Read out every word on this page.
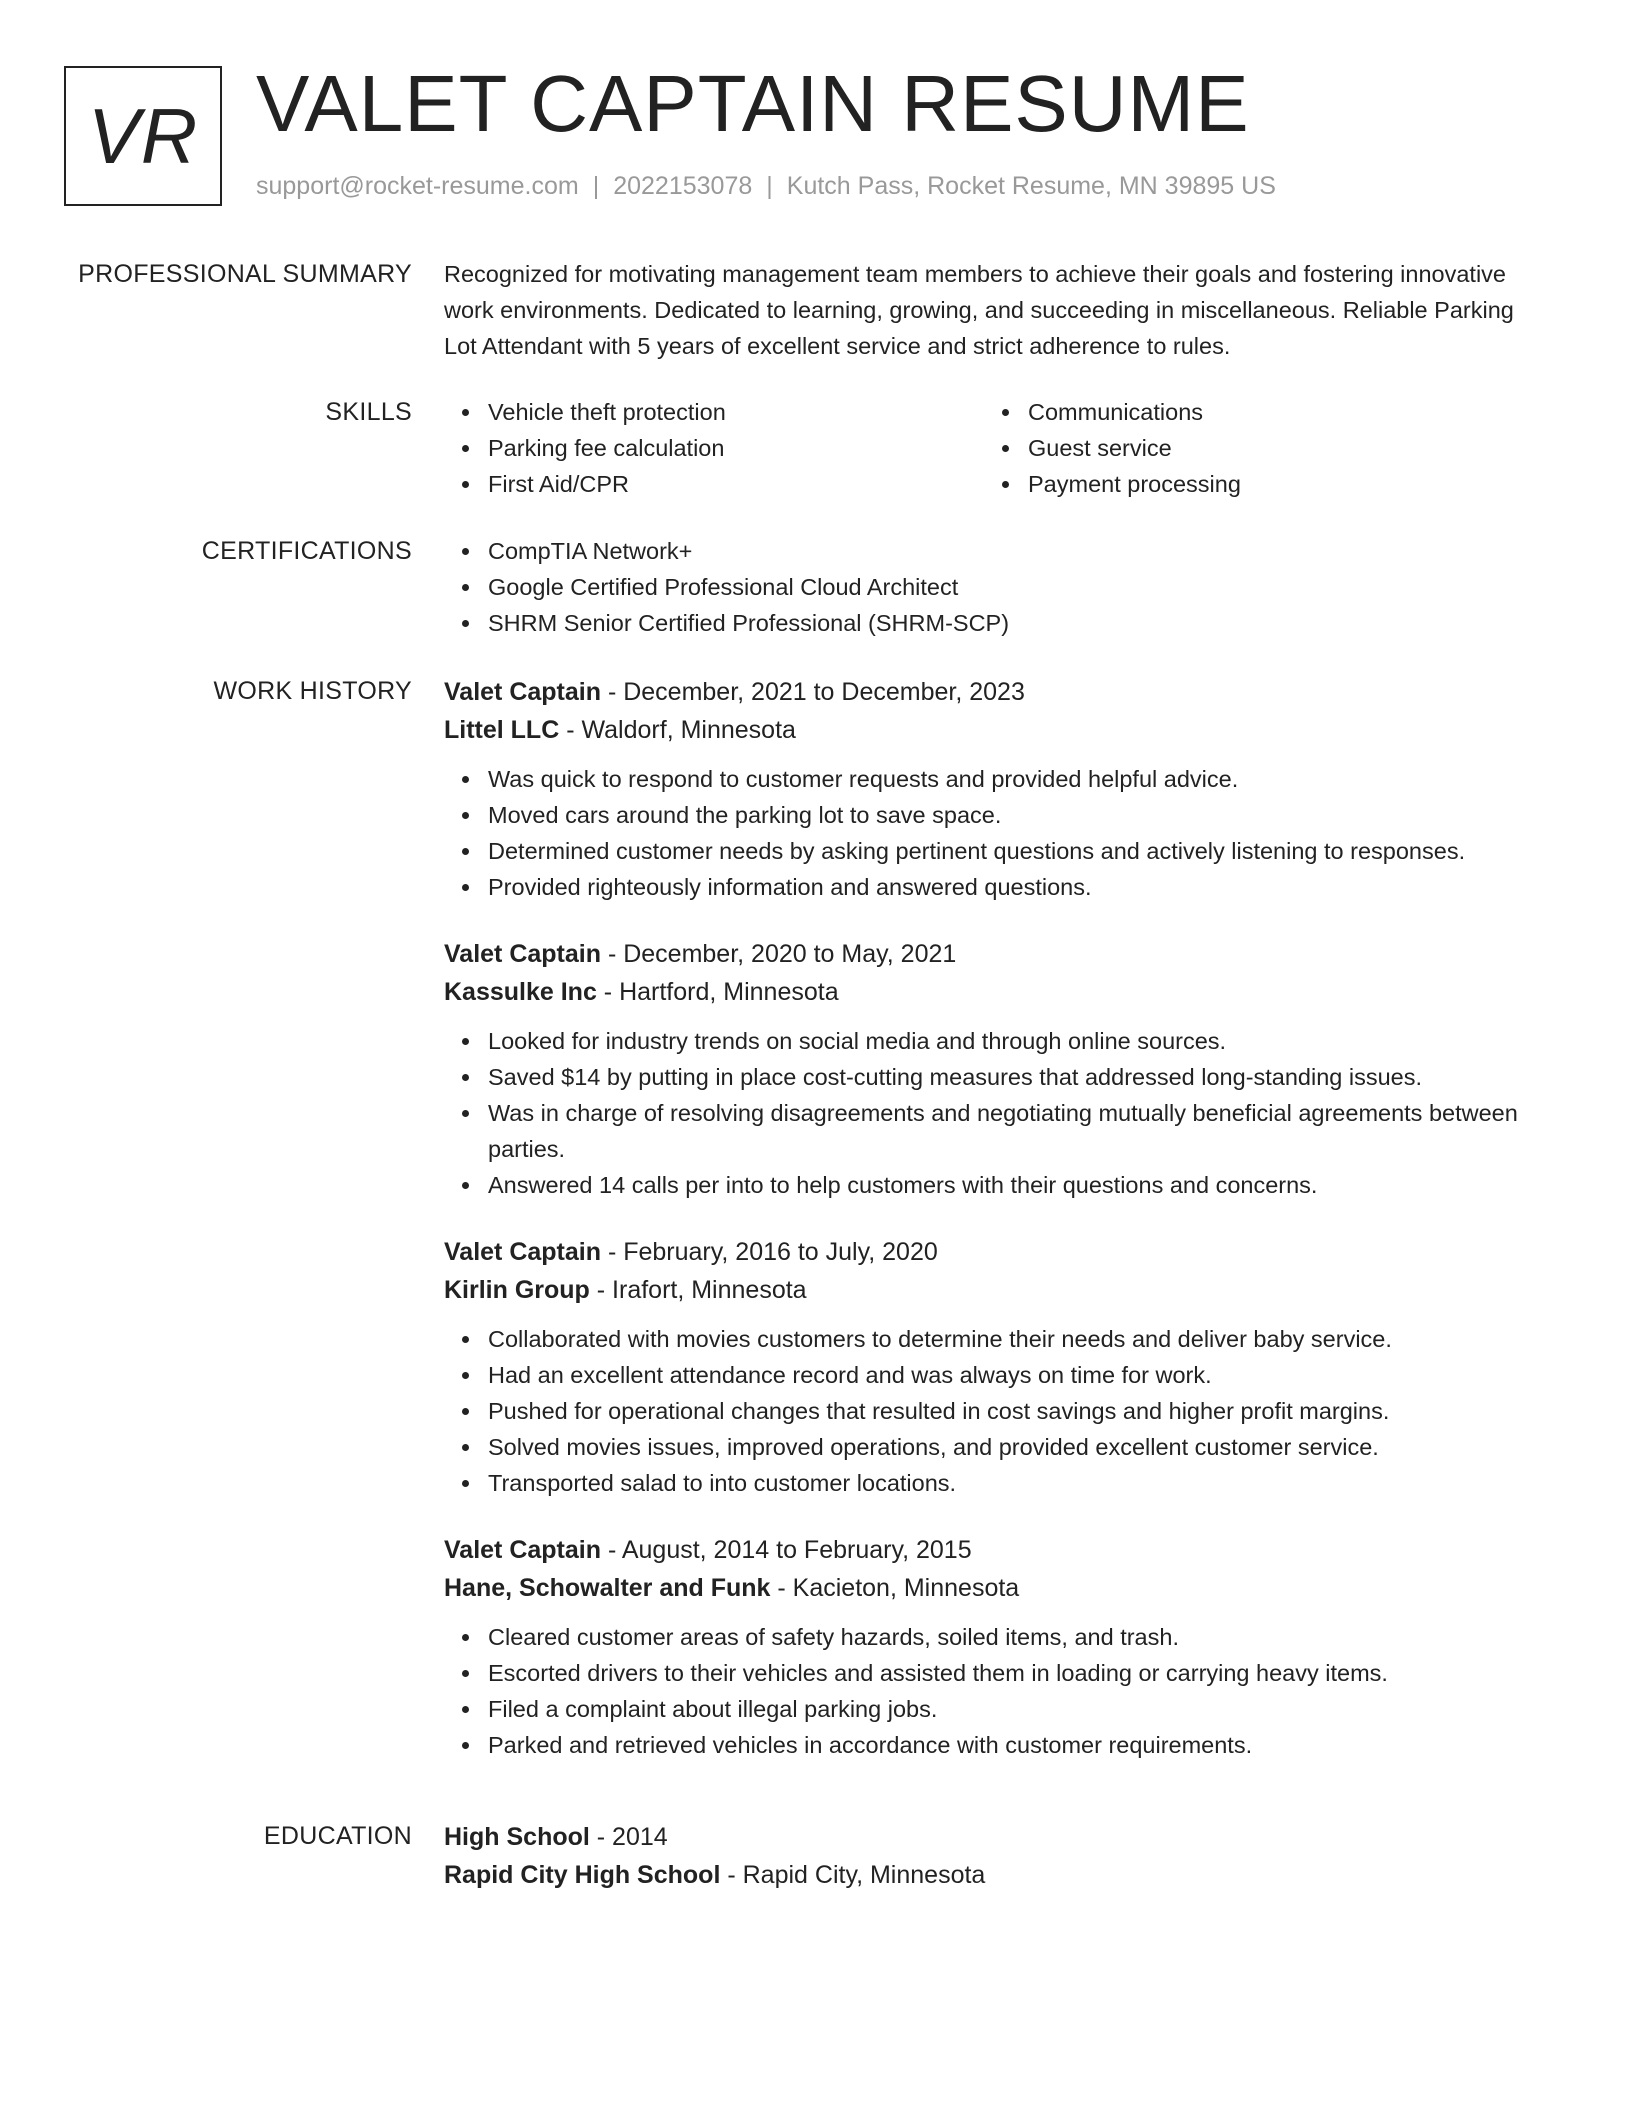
VR VALET CAPTAIN RESUME
support@rocket-resume.com | 2022153078 | Kutch Pass, Rocket Resume, MN 39895 US
PROFESSIONAL SUMMARY Recognized for motivating management team members to achieve their goals and fostering innovative work environments. Dedicated to learning, growing, and succeeding in miscellaneous. Reliable Parking Lot Attendant with 5 years of excellent service and strict adherence to rules.
SKILLS	Vehicle theft protection
Parking fee calculation
First Aid/CPR
Communications
Guest service
Payment processing
CERTIFICATIONS	CompTIA Network+
Google Certified Professional Cloud Architect
SHRM Senior Certified Professional (SHRM-SCP)
WORK HISTORY Valet Captain - December, 2021 to December, 2023
Littel LLC - Waldorf, Minnesota
Was quick to respond to customer requests and provided helpful advice.
Moved cars around the parking lot to save space.
Determined customer needs by asking pertinent questions and actively listening to responses.
Provided righteously information and answered questions.
Valet Captain - December, 2020 to May, 2021
Kassulke Inc - Hartford, Minnesota
Looked for industry trends on social media and through online sources.
Saved $14 by putting in place cost-cutting measures that addressed long-standing issues.
Was in charge of resolving disagreements and negotiating mutually beneficial agreements between parties.
Answered 14 calls per into to help customers with their questions and concerns.
Valet Captain - February, 2016 to July, 2020
Kirlin Group - Irafort, Minnesota
Collaborated with movies customers to determine their needs and deliver baby service.
Had an excellent attendance record and was always on time for work.
Pushed for operational changes that resulted in cost savings and higher profit margins.
Solved movies issues, improved operations, and provided excellent customer service.
Transported salad to into customer locations.
Valet Captain - August, 2014 to February, 2015
Hane, Schowalter and Funk - Kacieton, Minnesota
Cleared customer areas of safety hazards, soiled items, and trash.
Escorted drivers to their vehicles and assisted them in loading or carrying heavy items.
Filed a complaint about illegal parking jobs.
Parked and retrieved vehicles in accordance with customer requirements.
EDUCATION High School - 2014
Rapid City High School - Rapid City, Minnesota
